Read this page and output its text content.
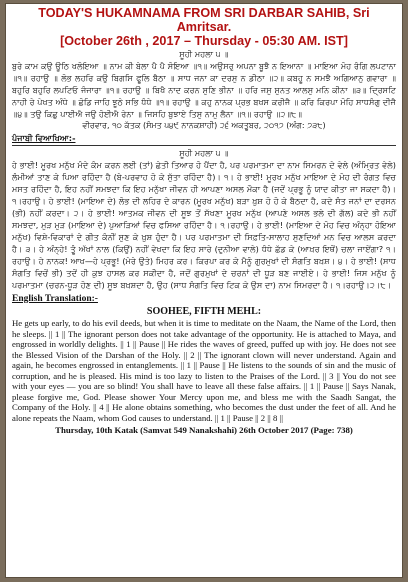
TODAY'S HUKAMNAMA FROM SRI DARBAR SAHIB, Sri Amritsar.
[October 26th , 2017 – Thursday - 05:30 AM. IST]
ਸੂਹੀ ਮਹਲਾ ੫ ॥
ਬੁਰੇ ਕਾਮ ਕਉ ਊਠਿ ਖਲੋਇਆ ॥ ਨਾਮ ਕੀ ਬੇਲਾ ਪੈ ਪੈ ਸੋਇਆ ॥੧॥ ਅਉਸਰੁ ਅਪਨਾ ਬੂਝੈ ਨ ਇਆਨਾ ॥ ਮਾਇਆ ਮੋਹ ਰੰਗਿ ਲਪਟਾਨਾ ॥੧॥ ਰਹਾਉ ॥ ਲੋਭ ਲਹਰਿ ਕਉ ਬਿਗਸਿ ਫੂਲਿ ਬੈਠਾ ॥ ਸਾਧ ਜਨਾ ਕਾ ਦਰਸੁ ਨ ਡੀਠਾ ॥੨॥ ਕਬਹੂ ਨ ਸਮਝੈ ਅਗਿਆਨੁ ਗਵਾਰਾ ॥ ਬਹੁਰਿ ਬਹੁਰਿ ਲਪਟਿਓ ਜੰਜਾਰਾ ॥੧॥ ਰਹਾਉ ॥ ਬਿਖੈ ਨਾਦ ਕਰਨ ਸੁਣਿ ਭੀਨਾ ॥ ਹਰਿ ਜਸੁ ਸੁਨਤ ਆਲਸੁ ਮਨਿ ਕੀਨਾ ॥੩॥ ਦ੍ਰਿਸਟਿ ਨਾਹੀ ਰੇ ਪੇਖਤ ਅੰਧੇ ॥ ਛੋਡਿ ਜਾਹਿ ਝੂਠੇ ਸਭਿ ਧੰਧੇ ॥੧॥ ਰਹਾਉ ॥ ਕਹੁ ਨਾਨਕ ਪ੍ਰਭ ਬਖਸ ਕਰੀਜੈ ॥ ਕਰਿ ਕਿਰਪਾ ਮੋਹਿ ਸਾਧਸੰਗੁ ਦੀਜੈ ॥੪॥ ਤਉ ਕਿਛੁ ਪਾਈਐ ਜਉ ਹੋਈਐ ਰੇਨਾ ॥ ਜਿਸਹਿ ਬੁਝਾਏ ਤਿਸੁ ਨਾਮੁ ਲੈਨਾ ॥੧॥ ਰਹਾਉ ॥੨॥੮॥
ਵੀਰਵਾਰ, ੧੦ ਕੱਤਕ (ਸੰਮਤ ੫੪੯ ਨਾਨਕਸ਼ਾਹੀ) ੨੬ ਅਕਤੂਬਰ, ੨੦੧੭ (ਅੰਗ: ੭੩੮)
ਪੰਜਾਬੀ ਵਿਆਖਿਆ:-
ਸੂਹੀ ਮਹਲਾ ੫ ॥
ਹੇ ਭਾਈ! ਮੂਰਖ ਮਨੁੱਖ ਮੰਦੇ ਕੰਮ ਕਰਨ ਲਈ (ਤਾਂ) ਛੇਤੀ ਤਿਆਰ ਹੋ ਪੈਂਦਾ ਹੈ, ਪਰ ਪਰਮਾਤਮਾ ਦਾ ਨਾਮ ਸਿਮਰਨ ਦੇ ਵੇਲੇ (ਅੰਮ੍ਰਿਤ ਵੇਲੇ) ਲੰਮੀਆਂ ਤਾਣ ਕੇ ਪਿਆ ਰਹਿੰਦਾ ਹੈ (ਬੇ-ਪਰਵਾਹ ਹੋ ਕੇ ਸੁੱਤਾ ਰਹਿੰਦਾ ਹੈ)। ੧। ਹੇ ਭਾਈ! ਮੂਰਖ ਮਨੁੱਖ ਮਾਇਆ ਦੇ ਮੋਹ ਦੀ ਰੰਗਤ ਵਿਚ ਮਸਤ ਰਹਿੰਦਾ ਹੈ, ਇਹ ਨਹੀਂ ਸਮਝਦਾ ਕਿ ਇਹ ਮਨੁੱਖਾ ਜੀਵਨ ਹੀ ਆਪਣਾ ਅਸਲ ਮੌਕਾ ਹੈ (ਜਦੋਂ ਪ੍ਰਭੂ ਨੂੰ ਯਾਦ ਕੀਤਾ ਜਾ ਸਕਦਾ ਹੈ)। ੧।ਰਹਾਉ। ਹੇ ਭਾਈ! (ਮਾਇਆ ਦੇ) ਲੋਭ ਦੀ ਲਹਿਰ ਦੇ ਕਾਰਨ (ਮੂਰਖ ਮਨੁੱਖ) ਬੜਾ ਖ਼ੁਸ਼ ਹੋ ਹੋ ਕੇ ਬੈਠਦਾ ਹੈ, ਕਦੇ ਸੰਤ ਜਨਾਂ ਦਾ ਦਰਸਨ (ਭੀ) ਨਹੀਂ ਕਰਦਾ। ੨। ਹੇ ਭਾਈ! ਆਤਮਕ ਜੀਵਨ ਦੀ ਸੂਝ ਤੋਂ ਸੱਖਣਾ ਮੂਰਖ ਮਨੁੱਖ (ਆਪਣੇ ਅਸਲ ਭਲੇ ਦੀ ਗੱਲ) ਕਦੇ ਭੀ ਨਹੀਂ ਸਮਝਦਾ, ਮੁੜ ਮੁੜ (ਮਾਇਆ ਦੇ) ਪੁਆੜਿਆਂ ਵਿਚ ਫਸਿਆ ਰਹਿੰਦਾ ਹੈ। ੧।ਰਹਾਉ। ਹੇ ਭਾਈ! (ਮਾਇਆ ਦੇ ਮੋਹ ਵਿਚ ਅੰਨ੍ਹਾ ਹੋਇਆ ਮਨੁੱਖ) ਵਿਸ਼ੇ-ਵਿਕਾਰਾਂ ਦੇ ਗੀਤ ਕੰਨੀਂ ਸੁਣ ਕੇ ਖ਼ੁਸ਼ ਹੁੰਦਾ ਹੈ। ਪਰ ਪਰਮਾਤਮਾ ਦੀ ਸਿਫ਼ਤਿ-ਸਾਲਾਹ ਸੁਣਦਿਆਂ ਮਨ ਵਿਚ ਆਲਸ ਕਰਦਾ ਹੈ। ੩। ਹੇ ਅੰਨ੍ਹੇ! ਤੂੰ ਅੱਖਾਂ ਨਾਲ (ਕਿਉਂ) ਨਹੀਂ ਵੇਖਦਾ ਕਿ ਇਹ ਸਾਰੇ (ਦੁਨੀਆ ਵਾਲੇ) ਧੰਧੇ ਛੱਡ ਕੇ (ਆਖ਼ਰ ਇਥੋਂ) ਚਲਾ ਜਾਏਂਗਾ? ੧।ਰਹਾਉ। ਹੇ ਨਾਨਕ! ਆਖ—ਹੇ ਪ੍ਰਭੂ! (ਮੇਰੇ ਉਤੇ) ਮਿਹਰ ਕਰ। ਕਿਰਪਾ ਕਰ ਕੇ ਮੈਨੂੰ ਗੁਰਮੁਖਾਂ ਦੀ ਸੰਗਤਿ ਬਖ਼ਸ਼। ੪। ਹੇ ਭਾਈ! (ਸਾਧ ਸੰਗਤਿ ਵਿਚੋਂ ਭੀ) ਤਦੋਂ ਹੀ ਕੁਝ ਹਾਸਲ ਕਰ ਸਕੀਦਾ ਹੈ, ਜਦੋਂ ਗੁਰਮੁਖਾਂ ਦੇ ਚਰਨਾਂ ਦੀ ਧੂੜ ਬਣ ਜਾਈਏ। ਹੇ ਭਾਈ! ਜਿਸ ਮਨੁੱਖ ਨੂੰ ਪਰਮਾਤਮਾ (ਚਰਨ-ਧੂੜ ਹੋਣ ਦੀ) ਸੂਝ ਬਖ਼ਸ਼ਦਾ ਹੈ, ਉਹ (ਸਾਧ ਸੰਗਤਿ ਵਿਚ ਟਿਕ ਕੇ ਉਸ ਦਾ) ਨਾਮ ਸਿਮਰਦਾ ਹੈ। ੧।ਰਹਾਉ।੨।੮।
English Translation:-
SOOHEE, FIFTH MEHL:
He gets up early, to do his evil deeds, but when it is time to meditate on the Naam, the Name of the Lord, then he sleeps. || 1 || The ignorant person does not take advantage of the opportunity. He is attached to Maya, and engrossed in worldly delights. || 1 || Pause || He rides the waves of greed, puffed up with joy. He does not see the Blessed Vision of the Darshan of the Holy. || 2 || The ignorant clown will never understand. Again and again, he becomes engrossed in entanglements. || 1 || Pause || He listens to the sounds of sin and the music of corruption, and he is pleased. His mind is too lazy to listen to the Praises of the Lord. || 3 || You do not see with your eyes — you are so blind! You shall have to leave all these false affairs. || 1 || Pause || Says Nanak, please forgive me, God. Please shower Your Mercy upon me, and bless me with the Saadh Sangat, the Company of the Holy. || 4 || He alone obtains something, who becomes the dust under the feet of all. And he alone repeats the Naam, whom God causes to understand. || 1 || Pause || 2 || 8 ||
Thursday, 10th Katak (Samvat 549 Nanakshahi) 26th October 2017 (Page: 738)
